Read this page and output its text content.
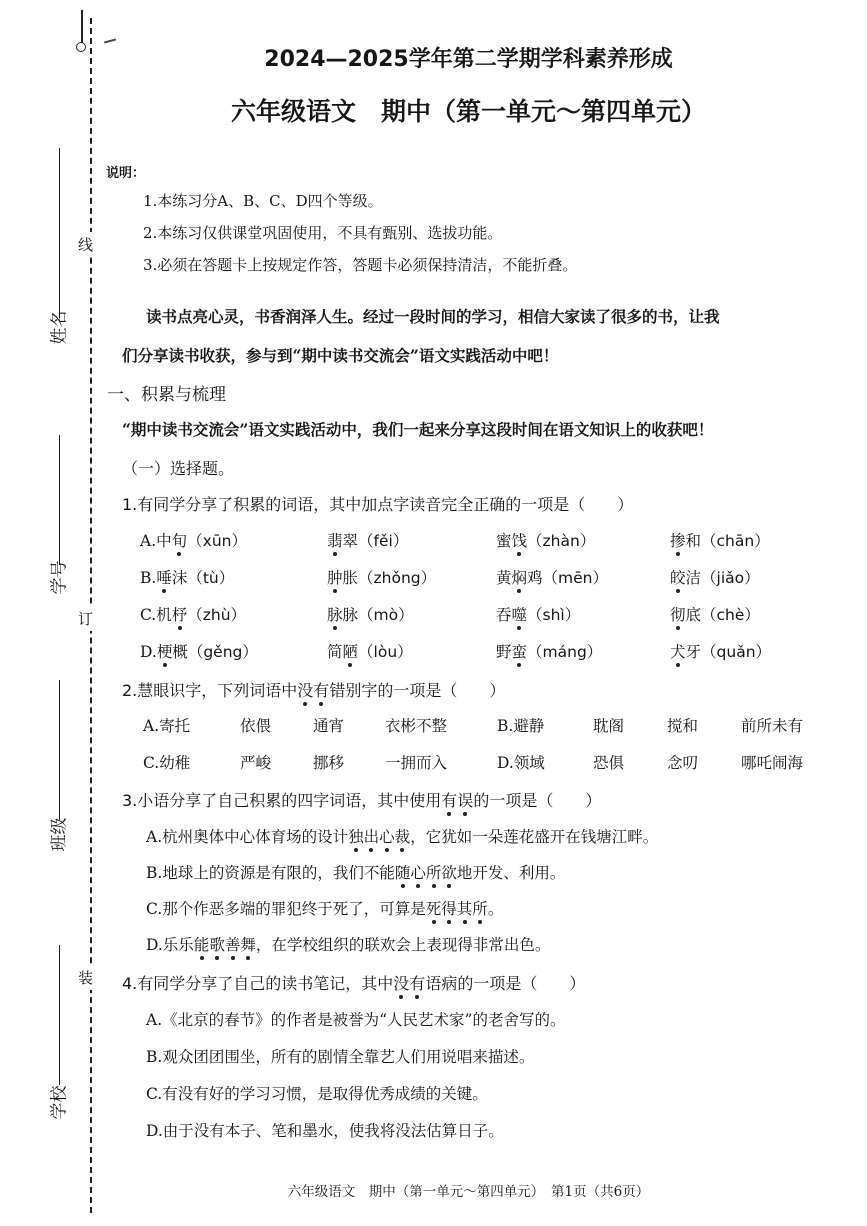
姓名
学号
班级
学校
线
订
装
2024—2025学年第二学期学科素养形成
六年级语文　期中（第一单元～第四单元）
说明：
1.本练习分A、B、C、D四个等级。
2.本练习仅供课堂巩固使用，不具有甄别、选拔功能。
3.必须在答题卡上按规定作答，答题卡必须保持清洁，不能折叠。
读书点亮心灵，书香润泽人生。经过一段时间的学习，相信大家读了很多的书，让我
们分享读书收获，参与到“期中读书交流会”语文实践活动中吧！
一、积累与梳理
“期中读书交流会”语文实践活动中，我们一起来分享这段时间在语文知识上的收获吧！
（一）选择题。
1.有同学分享了积累的词语，其中加点字读音完全正确的一项是（　　）
A.中旬（xūn）	翡翠（fěi）	蜜饯（zhàn）	掺和（chān）
B.唾沫（tù）	肿胀（zhǒng）	黄焖鸡（mēn）	皎洁（jiǎo）
C.机杼（zhù）	脉脉（mò）	吞噬（shì）	彻底（chè）
D.梗概（gěng）	简陋（lòu）	野蛮（máng）	犬牙（quǎn）
2.慧眼识字，下列词语中没有错别字的一项是（　　）
A.寄托	依偎	通宵	衣彬不整	B.避静	耽阁	搅和	前所未有
C.幼稚	严峻	挪移	一拥而入	D.领域	恐俱	念叨	哪吒闹海
3.小语分享了自己积累的四字词语，其中使用有误的一项是（　　）
A.杭州奥体中心体育场的设计独出心裁，它犹如一朵莲花盛开在钱塘江畔。
B.地球上的资源是有限的，我们不能随心所欲地开发、利用。
C.那个作恶多端的罪犯终于死了，可算是死得其所。
D.乐乐能歌善舞，在学校组织的联欢会上表现得非常出色。
4.有同学分享了自己的读书笔记，其中没有语病的一项是（　　）
A.《北京的春节》的作者是被誉为“人民艺术家”的老舍写的。
B.观众团团围坐，所有的剧情全靠艺人们用说唱来描述。
C.有没有好的学习习惯，是取得优秀成绩的关键。
D.由于没有本子、笔和墨水，使我将没法估算日子。
六年级语文　期中（第一单元～第四单元）　 第1页（共6页）
